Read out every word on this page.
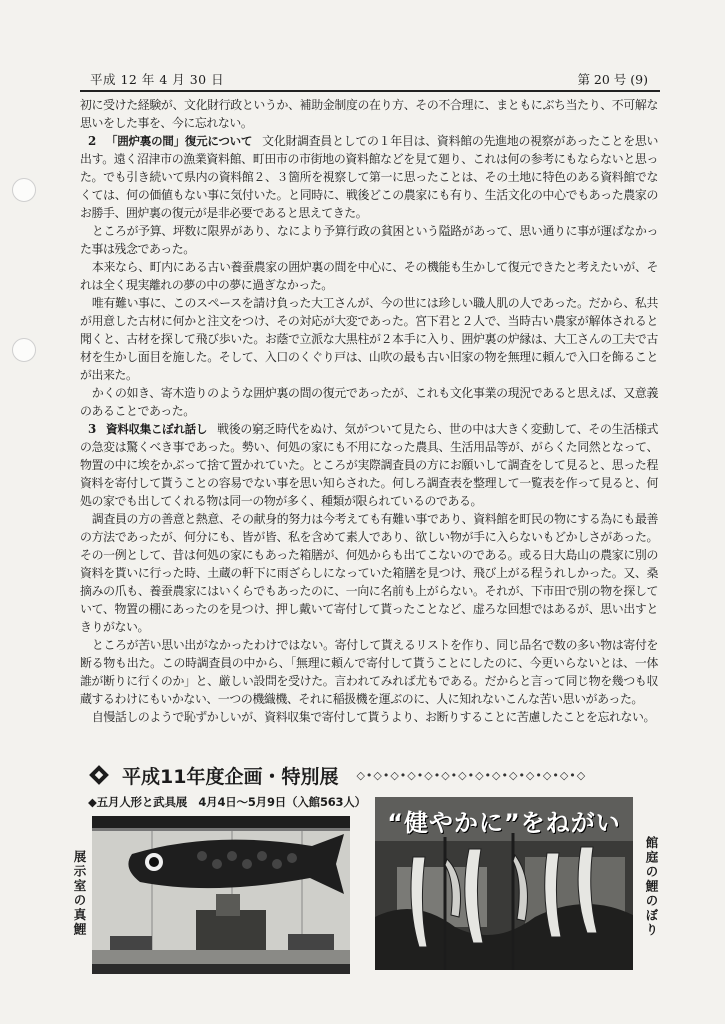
平成 12 年 4 月 30 日	第 20 号 (9)

初に受けた経験が、文化財行政というか、補助金制度の在り方、その不合理に、まともにぶち当たり、不可解な思いをした事を、今に忘れない。

2 「囲炉裏の間」復元について 文化財調査員としての１年目は、資料館の先進地の視察があったことを思い出す。遠く沼津市の漁業資料館、町田市の市街地の資料館などを見て廻り、これは何の参考にもならないと思った。でも引き続いて県内の資料館２、３箇所を視察して第一に思ったことは、その土地に特色のある資料館でなくては、何の価値もない事に気付いた。と同時に、戦後どこの農家にも有り、生活文化の中心でもあった農家のお勝手、囲炉裏の復元が是非必要であると思えてきた。

ところが予算、坪数に限界があり、なにより予算行政の貧困という隘路があって、思い通りに事が運ばなかった事は残念であった。

本来なら、町内にある古い養蚕農家の囲炉裏の間を中心に、その機能も生かして復元できたと考えたいが、それは全く現実離れの夢の中の夢に過ぎなかった。

唯有難い事に、このスペースを請け負った大工さんが、今の世には珍しい職人肌の人であった。だから、私共が用意した古材に何かと注文をつけ、その対応が大変であった。宮下君と２人で、当時古い農家が解体されると聞くと、古材を探して飛び歩いた。お蔭で立派な大黒柱が２本手に入り、囲炉裏の炉縁は、大工さんの工夫で古材を生かし面目を施した。そして、入口のくぐり戸は、山吹の最も古い旧家の物を無理に頼んで入口を飾ることが出来た。

かくの如き、寄木造りのような囲炉裏の間の復元であったが、これも文化事業の現況であると思えば、又意義のあることであった。

3 資料収集こぼれ話し 戦後の窮乏時代をぬけ、気がついて見たら、世の中は大きく変動して、その生活様式の急変は驚くべき事であった。勢い、何処の家にも不用になった農具、生活用品等が、がらくた同然となって、物置の中に埃をかぶって捨て置かれていた。ところが実際調査員の方にお願いして調査をして見ると、思った程資料を寄付して貰うことの容易でない事を思い知らされた。何しろ調査表を整理して一覧表を作って見ると、何処の家でも出してくれる物は同一の物が多く、種類が限られているのである。

調査員の方の善意と熱意、その献身的努力は今考えても有難い事であり、資料館を町民の物にする為にも最善の方法であったが、何分にも、皆が皆、私を含めて素人であり、欲しい物が手に入らないもどかしさがあった。その一例として、昔は何処の家にもあった箱膳が、何処からも出てこないのである。或る日大島山の農家に別の資料を貰いに行った時、土蔵の軒下に雨ざらしになっていた箱膳を見つけ、飛び上がる程うれしかった。又、桑摘みの爪も、養蚕農家にはいくらでもあったのに、一向に名前も上がらない。それが、下市田で別の物を探していて、物置の棚にあったのを見つけ、押し戴いて寄付して貰ったことなど、虚ろな回想ではあるが、思い出すときりがない。

ところが苦い思い出がなかったわけではない。寄付して貰えるリストを作り、同じ品名で数の多い物は寄付を断る物も出た。この時調査員の中から、「無理に頼んで寄付して貰うことにしたのに、今更いらないとは、一体誰が断りに行くのか」と、厳しい設問を受けた。言われてみれば尤もである。だからと言って同じ物を幾つも収蔵するわけにもいかない、一つの機織機、それに稲扱機を運ぶのに、人に知れないこんな苦い思いがあった。

自慢話しのようで恥ずかしいが、資料収集で寄付して貰うより、お断りすることに苦慮したことを忘れない。

平成11年度企画・特別展 ◇•◇•◇•◇•◇•◇•◇•◇•◇•◇•◇•◇•◇•◇
◆五月人形と武具展　4月4日～5月9日（入館563人）
展示室の真鯉
“健やかに”をねがい
館庭の鯉のぼり
